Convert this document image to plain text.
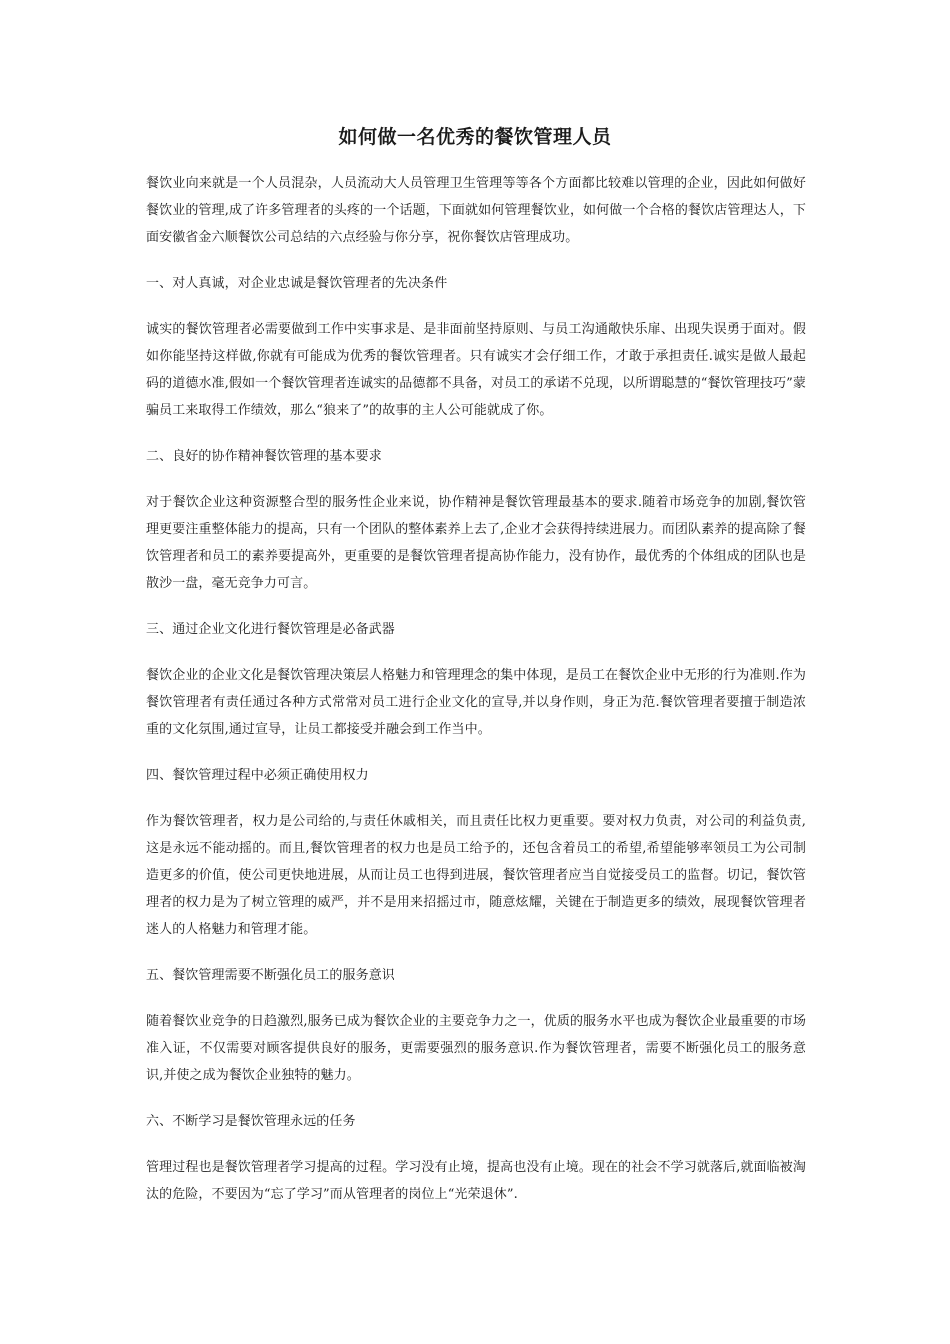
如何做一名优秀的餐饮管理人员

餐饮业向来就是一个人员混杂，人员流动大人员管理卫生管理等等各个方面都比较难以管理的企业，因此如何做好餐饮业的管理,成了许多管理者的头疼的一个话题，下面就如何管理餐饮业，如何做一个合格的餐饮店管理达人，下面安徽省金六顺餐饮公司总结的六点经验与你分享，祝你餐饮店管理成功。

一、对人真诚，对企业忠诚是餐饮管理者的先决条件

诚实的餐饮管理者必需要做到工作中实事求是、是非面前坚持原则、与员工沟通敞快乐扉、出现失误勇于面对。假如你能坚持这样做,你就有可能成为优秀的餐饮管理者。只有诚实才会仔细工作，才敢于承担责任.诚实是做人最起码的道德水准,假如一个餐饮管理者连诚实的品德都不具备，对员工的承诺不兑现，以所谓聪慧的“餐饮管理技巧”蒙骗员工来取得工作绩效，那么“狼来了”的故事的主人公可能就成了你。

二、良好的协作精神餐饮管理的基本要求

对于餐饮企业这种资源整合型的服务性企业来说，协作精神是餐饮管理最基本的要求.随着市场竞争的加剧,餐饮管理更要注重整体能力的提高，只有一个团队的整体素养上去了,企业才会获得持续进展力。而团队素养的提高除了餐饮管理者和员工的素养要提高外，更重要的是餐饮管理者提高协作能力，没有协作，最优秀的个体组成的团队也是散沙一盘，毫无竞争力可言。

三、通过企业文化进行餐饮管理是必备武器

餐饮企业的企业文化是餐饮管理决策层人格魅力和管理理念的集中体现，是员工在餐饮企业中无形的行为准则.作为餐饮管理者有责任通过各种方式常常对员工进行企业文化的宣导,并以身作则，身正为范.餐饮管理者要擅于制造浓重的文化氛围,通过宣导，让员工都接受并融会到工作当中。

四、餐饮管理过程中必须正确使用权力

作为餐饮管理者，权力是公司给的,与责任休戚相关，而且责任比权力更重要。要对权力负责，对公司的利益负责,这是永远不能动摇的。而且,餐饮管理者的权力也是员工给予的，还包含着员工的希望,希望能够率领员工为公司制造更多的价值，使公司更快地进展，从而让员工也得到进展，餐饮管理者应当自觉接受员工的监督。切记，餐饮管理者的权力是为了树立管理的威严，并不是用来招摇过市，随意炫耀，关键在于制造更多的绩效，展现餐饮管理者迷人的人格魅力和管理才能。

五、餐饮管理需要不断强化员工的服务意识

随着餐饮业竞争的日趋激烈,服务已成为餐饮企业的主要竞争力之一，优质的服务水平也成为餐饮企业最重要的市场准入证，不仅需要对顾客提供良好的服务，更需要强烈的服务意识.作为餐饮管理者，需要不断强化员工的服务意识,并使之成为餐饮企业独特的魅力。

六、不断学习是餐饮管理永远的任务

管理过程也是餐饮管理者学习提高的过程。学习没有止境，提高也没有止境。现在的社会不学习就落后,就面临被淘汰的危险，不要因为“忘了学习”而从管理者的岗位上“光荣退休”.
